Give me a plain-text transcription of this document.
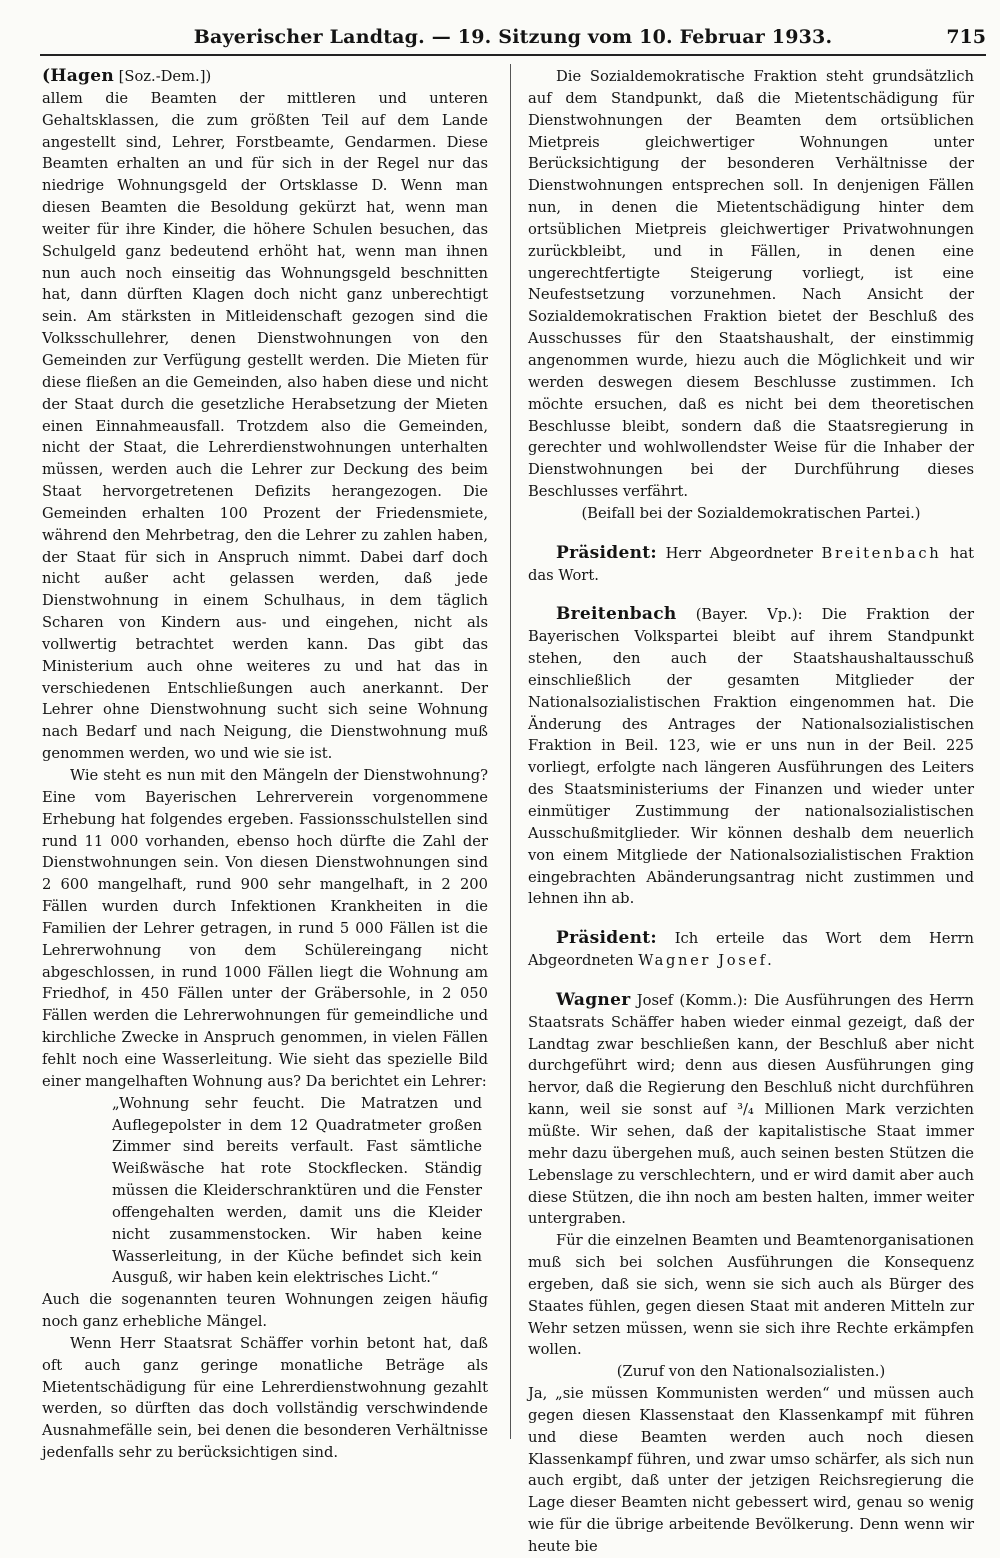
Bayerischer Landtag. — 19. Sitzung vom 10. Februar 1933.	715

(Hagen [Soz.-Dem.])

allem die Beamten der mittleren und unteren Gehaltsklassen, die zum größten Teil auf dem Lande angestellt sind, Lehrer, Forstbeamte, Gendarmen. Diese Beamten erhalten an und für sich in der Regel nur das niedrige Wohnungsgeld der Ortsklasse D. Wenn man diesen Beamten die Besoldung gekürzt hat, wenn man weiter für ihre Kinder, die höhere Schulen besuchen, das Schulgeld ganz bedeutend erhöht hat, wenn man ihnen nun auch noch einseitig das Wohnungsgeld beschnitten hat, dann dürften Klagen doch nicht ganz unberechtigt sein. Am stärksten in Mitleidenschaft gezogen sind die Volksschullehrer, denen Dienstwohnungen von den Gemeinden zur Verfügung gestellt werden. Die Mieten für diese fließen an die Gemeinden, also haben diese und nicht der Staat durch die gesetzliche Herabsetzung der Mieten einen Einnahmeausfall. Trotzdem also die Gemeinden, nicht der Staat, die Lehrerdienstwohnungen unterhalten müssen, werden auch die Lehrer zur Deckung des beim Staat hervorgetretenen Defizits herangezogen. Die Gemeinden erhalten 100 Prozent der Friedensmiete, während den Mehrbetrag, den die Lehrer zu zahlen haben, der Staat für sich in Anspruch nimmt. Dabei darf doch nicht außer acht gelassen werden, daß jede Dienstwohnung in einem Schulhaus, in dem täglich Scharen von Kindern aus- und eingehen, nicht als vollwertig betrachtet werden kann. Das gibt das Ministerium auch ohne weiteres zu und hat das in verschiedenen Entschließungen auch anerkannt. Der Lehrer ohne Dienstwohnung sucht sich seine Wohnung nach Bedarf und nach Neigung, die Dienstwohnung muß genommen werden, wo und wie sie ist.

Wie steht es nun mit den Mängeln der Dienstwohnung? Eine vom Bayerischen Lehrerverein vorgenommene Erhebung hat folgendes ergeben. Fassionsschulstellen sind rund 11 000 vorhanden, ebenso hoch dürfte die Zahl der Dienstwohnungen sein. Von diesen Dienstwohnungen sind 2 600 mangelhaft, rund 900 sehr mangelhaft, in 2 200 Fällen wurden durch Infektionen Krankheiten in die Familien der Lehrer getragen, in rund 5 000 Fällen ist die Lehrerwohnung von dem Schülereingang nicht abgeschlossen, in rund 1000 Fällen liegt die Wohnung am Friedhof, in 450 Fällen unter der Gräbersohle, in 2 050 Fällen werden die Lehrerwohnungen für gemeindliche und kirchliche Zwecke in Anspruch genommen, in vielen Fällen fehlt noch eine Wasserleitung. Wie sieht das spezielle Bild einer mangelhaften Wohnung aus? Da berichtet ein Lehrer:

„Wohnung sehr feucht. Die Matratzen und Auflegepolster in dem 12 Quadratmeter großen Zimmer sind bereits verfault. Fast sämtliche Weißwäsche hat rote Stockflecken. Ständig müssen die Kleiderschranktüren und die Fenster offengehalten werden, damit uns die Kleider nicht zusammenstocken. Wir haben keine Wasserleitung, in der Küche befindet sich kein Ausguß, wir haben kein elektrisches Licht.“

Auch die sogenannten teuren Wohnungen zeigen häufig noch ganz erhebliche Mängel.

Wenn Herr Staatsrat Schäffer vorhin betont hat, daß oft auch ganz geringe monatliche Beträge als Mietentschädigung für eine Lehrerdienstwohnung gezahlt werden, so dürften das doch vollständig verschwindende Ausnahmefälle sein, bei denen die besonderen Verhältnisse jedenfalls sehr zu berücksichtigen sind.

Die Sozialdemokratische Fraktion steht grundsätzlich auf dem Standpunkt, daß die Mietentschädigung für Dienstwohnungen der Beamten dem ortsüblichen Mietpreis gleichwertiger Wohnungen unter Berücksichtigung der besonderen Verhältnisse der Dienstwohnungen entsprechen soll. In denjenigen Fällen nun, in denen die Mietentschädigung hinter dem ortsüblichen Mietpreis gleichwertiger Privatwohnungen zurückbleibt, und in Fällen, in denen eine ungerechtfertigte Steigerung vorliegt, ist eine Neufestsetzung vorzunehmen. Nach Ansicht der Sozialdemokratischen Fraktion bietet der Beschluß des Ausschusses für den Staatshaushalt, der einstimmig angenommen wurde, hiezu auch die Möglichkeit und wir werden deswegen diesem Beschlusse zustimmen. Ich möchte ersuchen, daß es nicht bei dem theoretischen Beschlusse bleibt, sondern daß die Staatsregierung in gerechter und wohlwollendster Weise für die Inhaber der Dienstwohnungen bei der Durchführung dieses Beschlusses verfährt.

(Beifall bei der Sozialdemokratischen Partei.)

Präsident: Herr Abgeordneter Breitenbach hat das Wort.

Breitenbach (Bayer. Vp.): Die Fraktion der Bayerischen Volkspartei bleibt auf ihrem Standpunkt stehen, den auch der Staatshaushaltausschuß einschließlich der gesamten Mitglieder der Nationalsozialistischen Fraktion eingenommen hat. Die Änderung des Antrages der Nationalsozialistischen Fraktion in Beil. 123, wie er uns nun in der Beil. 225 vorliegt, erfolgte nach längeren Ausführungen des Leiters des Staatsministeriums der Finanzen und wieder unter einmütiger Zustimmung der nationalsozialistischen Ausschußmitglieder. Wir können deshalb dem neuerlich von einem Mitgliede der Nationalsozialistischen Fraktion eingebrachten Abänderungsantrag nicht zustimmen und lehnen ihn ab.

Präsident: Ich erteile das Wort dem Herrn Abgeordneten Wagner Josef.

Wagner Josef (Komm.): Die Ausführungen des Herrn Staatsrats Schäffer haben wieder einmal gezeigt, daß der Landtag zwar beschließen kann, der Beschluß aber nicht durchgeführt wird; denn aus diesen Ausführungen ging hervor, daß die Regierung den Beschluß nicht durchführen kann, weil sie sonst auf ³/₄ Millionen Mark verzichten müßte. Wir sehen, daß der kapitalistische Staat immer mehr dazu übergehen muß, auch seinen besten Stützen die Lebenslage zu verschlechtern, und er wird damit aber auch diese Stützen, die ihn noch am besten halten, immer weiter untergraben.

Für die einzelnen Beamten und Beamtenorganisationen muß sich bei solchen Ausführungen die Konsequenz ergeben, daß sie sich, wenn sie sich auch als Bürger des Staates fühlen, gegen diesen Staat mit anderen Mitteln zur Wehr setzen müssen, wenn sie sich ihre Rechte erkämpfen wollen.

(Zuruf von den Nationalsozialisten.)

Ja, „sie müssen Kommunisten werden“ und müssen auch gegen diesen Klassenstaat den Klassenkampf mit führen und diese Beamten werden auch noch diesen Klassenkampf führen, und zwar umso schärfer, als sich nun auch ergibt, daß unter der jetzigen Reichsregierung die Lage dieser Beamten nicht gebessert wird, genau so wenig wie für die übrige arbeitende Bevölkerung. Denn wenn wir heute bie
